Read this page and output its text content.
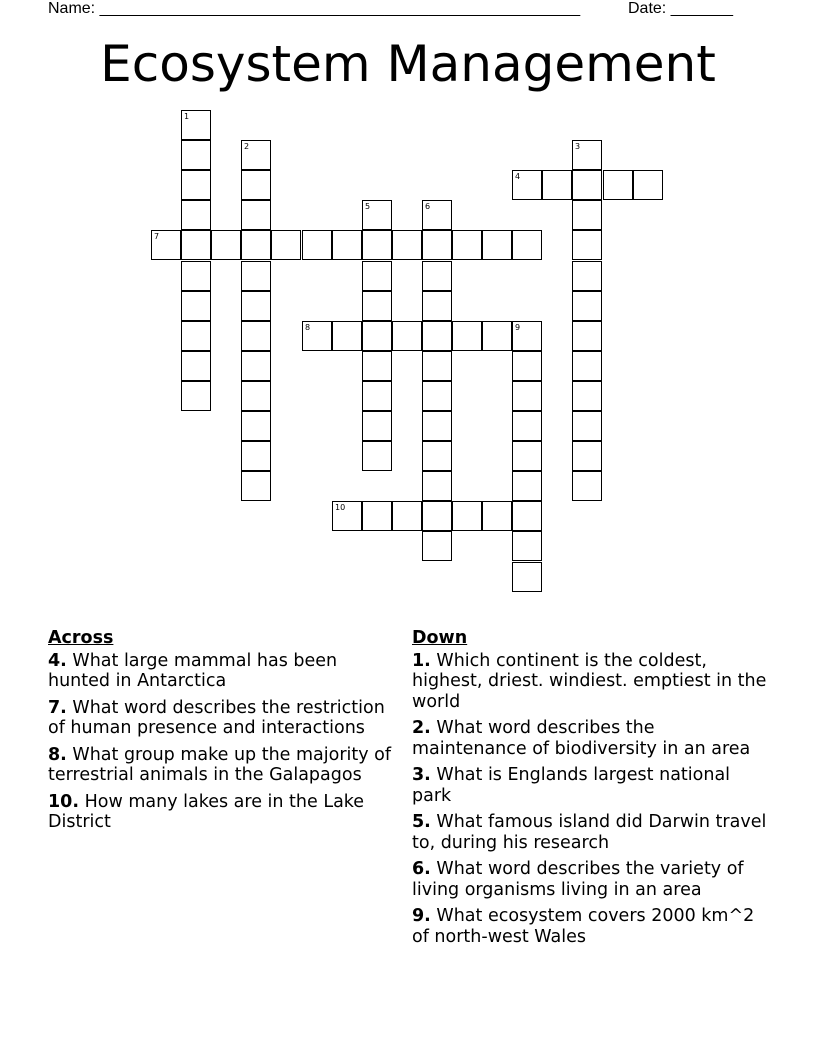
Name: ______________________________________________________	Date: _______
Ecosystem Management
1
2	3
4
5	6
7
8	9
10
Across
4. What large mammal has been hunted in Antarctica
7. What word describes the restriction of human presence and interactions
8. What group make up the majority of terrestrial animals in the Galapagos
10. How many lakes are in the Lake District
Down
1. Which continent is the coldest, highest, driest. windiest. emptiest in the world
2. What word describes the maintenance of biodiversity in an area
3. What is Englands largest national park
5. What famous island did Darwin travel to, during his research
6. What word describes the variety of living organisms living in an area
9. What ecosystem covers 2000 km^2 of north-west Wales
